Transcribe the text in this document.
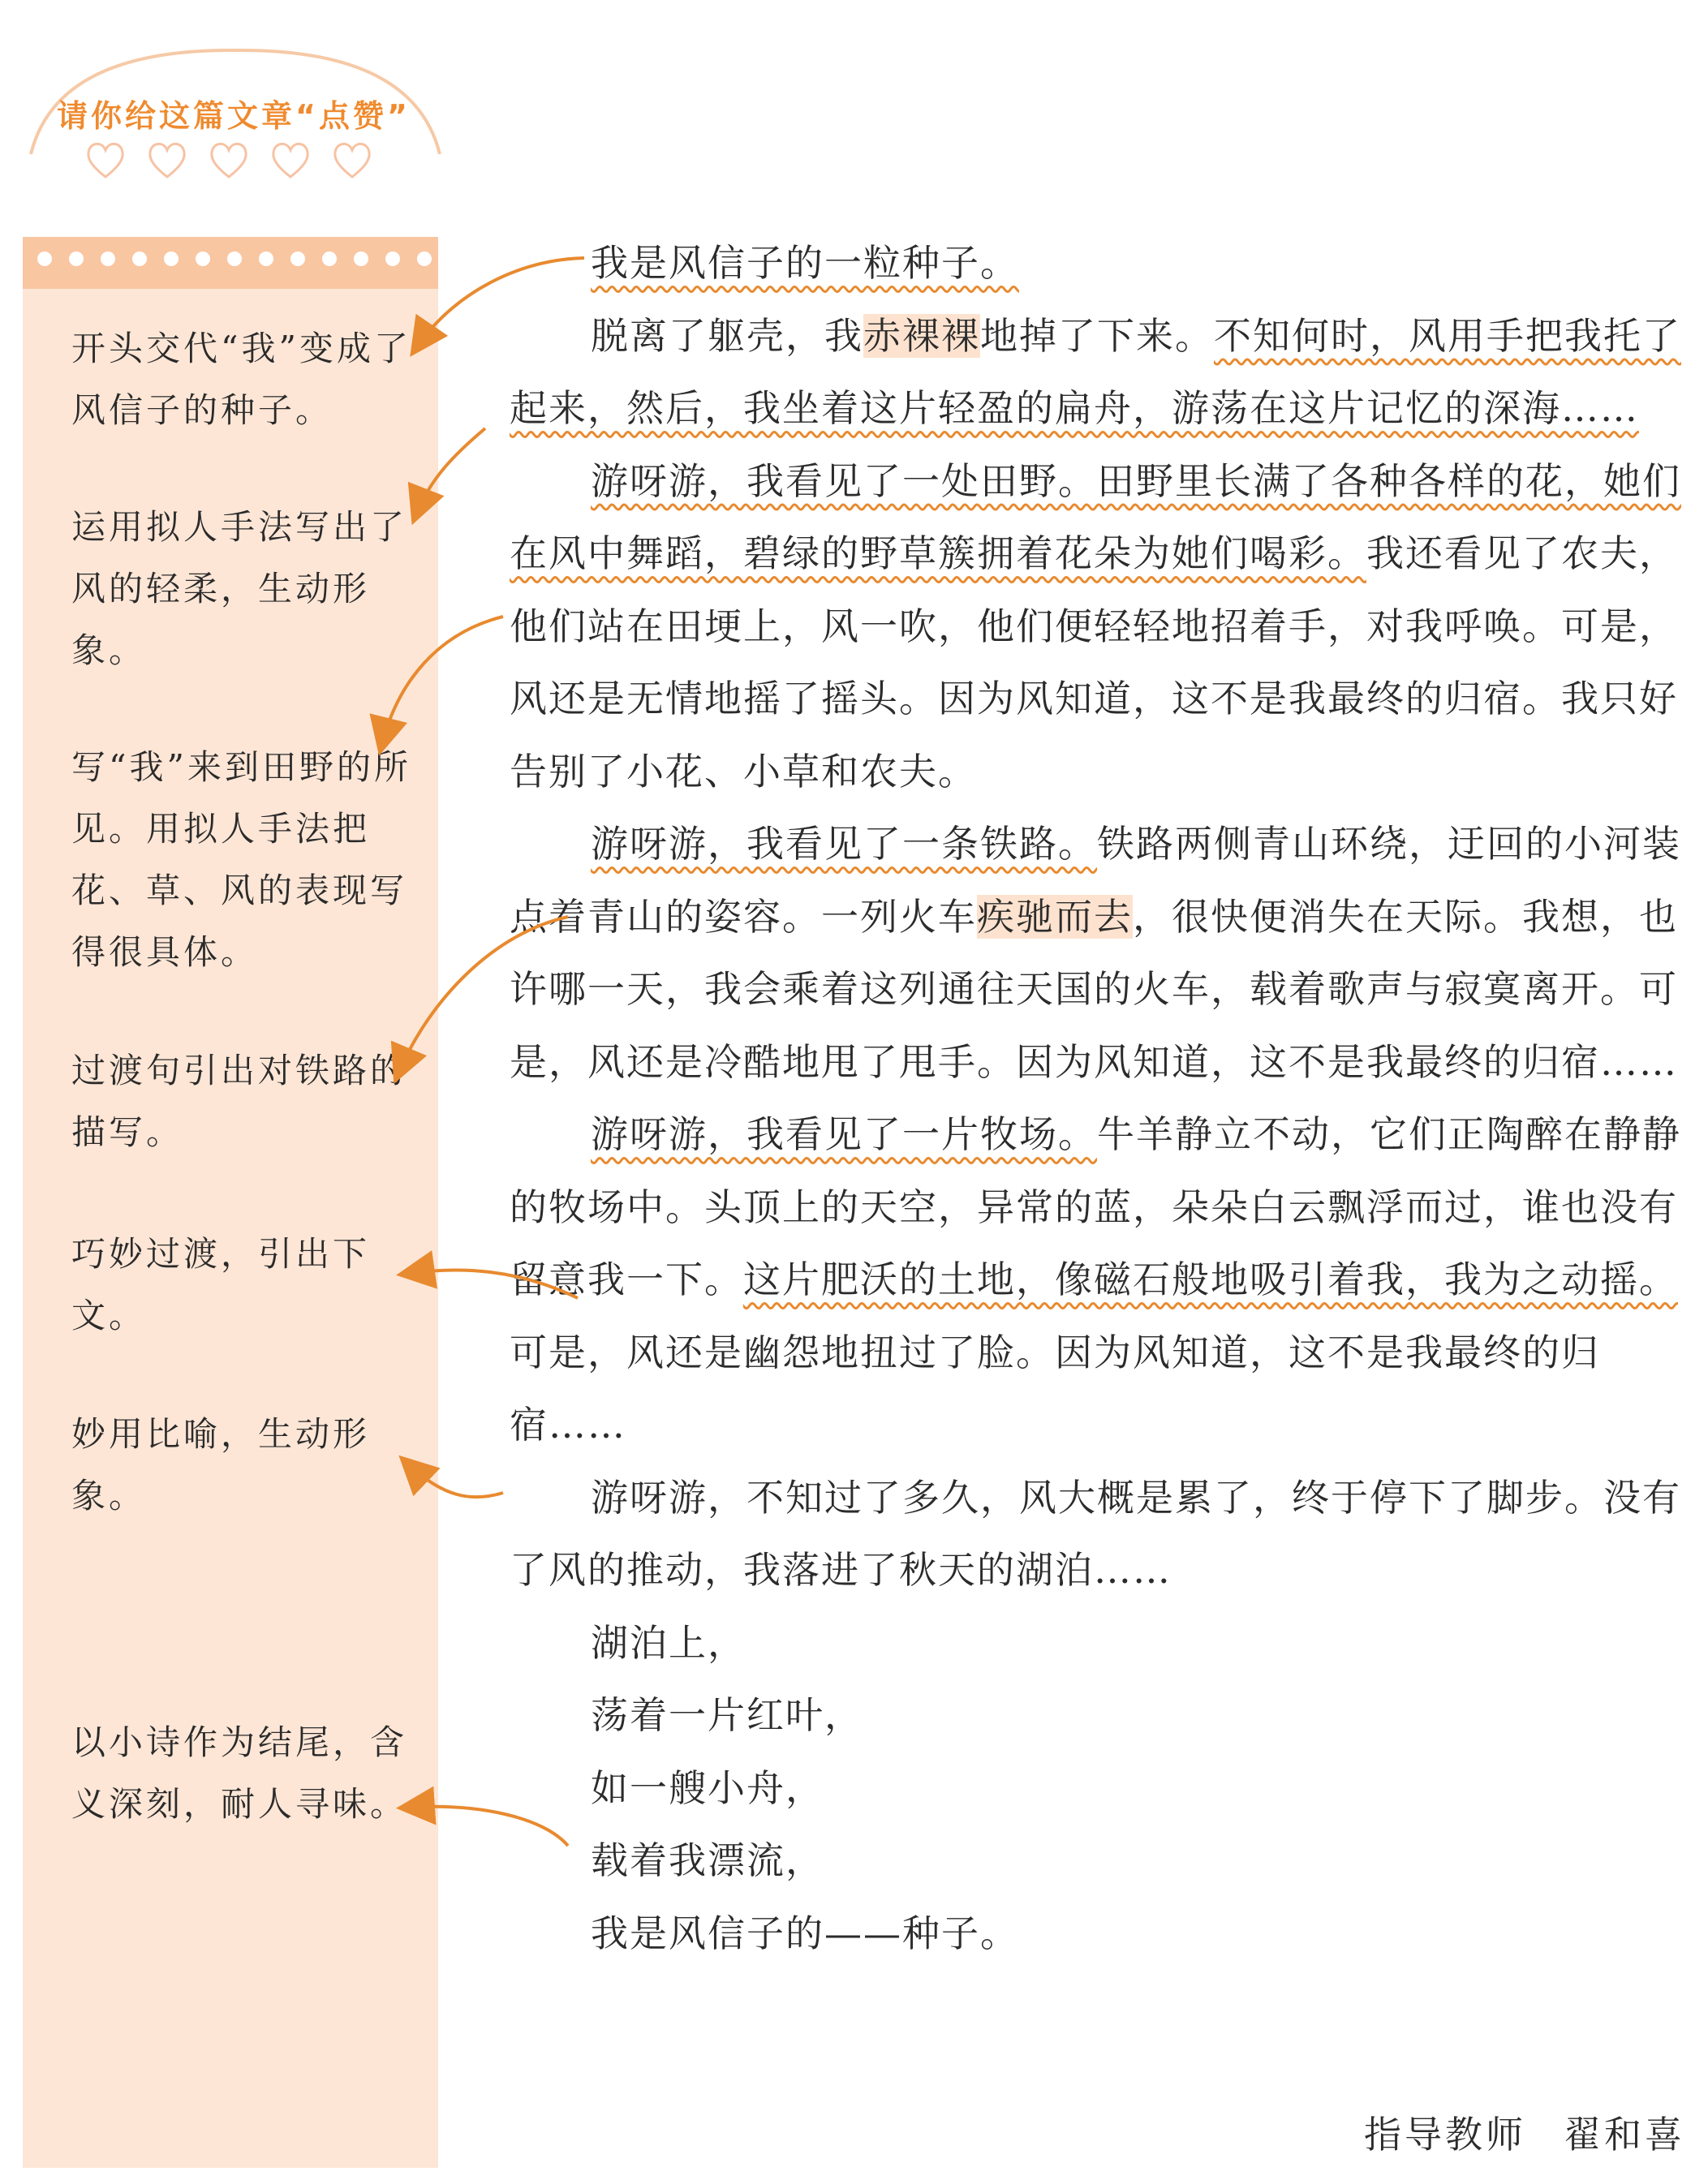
请你给这篇文章“点赞”
开头交代“我”变成了风信子的种子。
运用拟人手法写出了风的轻柔，生动形象。
写“我”来到田野的所见。用拟人手法把花、草、风的表现写得很具体。
过渡句引出对铁路的描写。
巧妙过渡，引出下文。
妙用比喻，生动形象。
以小诗作为结尾，含义深刻，耐人寻味。

我是风信子的一粒种子。

脱离了躯壳，我赤裸裸地掉了下来。不知何时，风用手把我托了起来，然后，我坐着这片轻盈的扁舟，游荡在这片记忆的深海……

游呀游，我看见了一处田野。田野里长满了各种各样的花，她们在风中舞蹈，碧绿的野草簇拥着花朵为她们喝彩。我还看见了农夫，他们站在田埂上，风一吹，他们便轻轻地招着手，对我呼唤。可是，风还是无情地摇了摇头。因为风知道，这不是我最终的归宿。我只好告别了小花、小草和农夫。

游呀游，我看见了一条铁路。铁路两侧青山环绕，迂回的小河装点着青山的姿容。一列火车疾驰而去，很快便消失在天际。我想，也许哪一天，我会乘着这列通往天国的火车，载着歌声与寂寞离开。可是，风还是冷酷地甩了甩手。因为风知道，这不是我最终的归宿……

游呀游，我看见了一片牧场。牛羊静立不动，它们正陶醉在静静的牧场中。头顶上的天空，异常的蓝，朵朵白云飘浮而过，谁也没有留意我一下。这片肥沃的土地，像磁石般地吸引着我，我为之动摇。可是，风还是幽怨地扭过了脸。因为风知道，这不是我最终的归宿……

游呀游，不知过了多久，风大概是累了，终于停下了脚步。没有了风的推动，我落进了秋天的湖泊……

湖泊上，

荡着一片红叶，

如一艘小舟，

载着我漂流，

我是风信子的——种子。

指导教师 翟和喜
